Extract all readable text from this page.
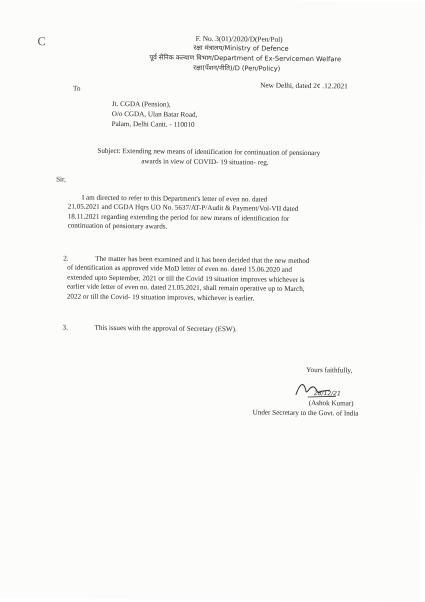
C	F. No. 3(01)/2020/D(Pen/Pol)
रक्षा मंत्रालय/Ministry of Defence
पूर्व सैनिक कल्याण विभाग/Department of Ex-Servicemen Welfare
रक्षा(पेंशन/नीति)/D (Pen/Policy)
New Delhi, dated 2¢ .12.2021
To
Jt. CGDA (Pension),
O/o CGDA, Ulan Batar Road,
Palam, Delhi Cantt. - 110010
Subject: Extending new means of identification for continuation of pensionary
awards in view of COVID- 19 situation- reg.
Sir,
I am directed to refer to this Department's letter of even no. dated
21.05.2021 and CGDA Hqrs UO No. 5637/AT-P/Audit & Payment/Vol-VII dated
18.11.2021 regarding extending the period for new means of identification for
continuation of pensionary awards.
2.	The matter has been examined and it has been decided that the new method
of identification as approved vide MoD letter of even no. dated 15.06.2020 and
extended upto September, 2021 or till the Covid 19 situation improves whichever is
earlier vide letter of even no. dated 21.05.2021, shall remain operative up to March,
2022 or till the Covid- 19 situation improves, whichever is earlier.
3.	This issues with the approval of Secretary (ESW).
Yours faithfully,
28/12/21
(Ashok Kumar)
Under Secretary to the Govt. of India
